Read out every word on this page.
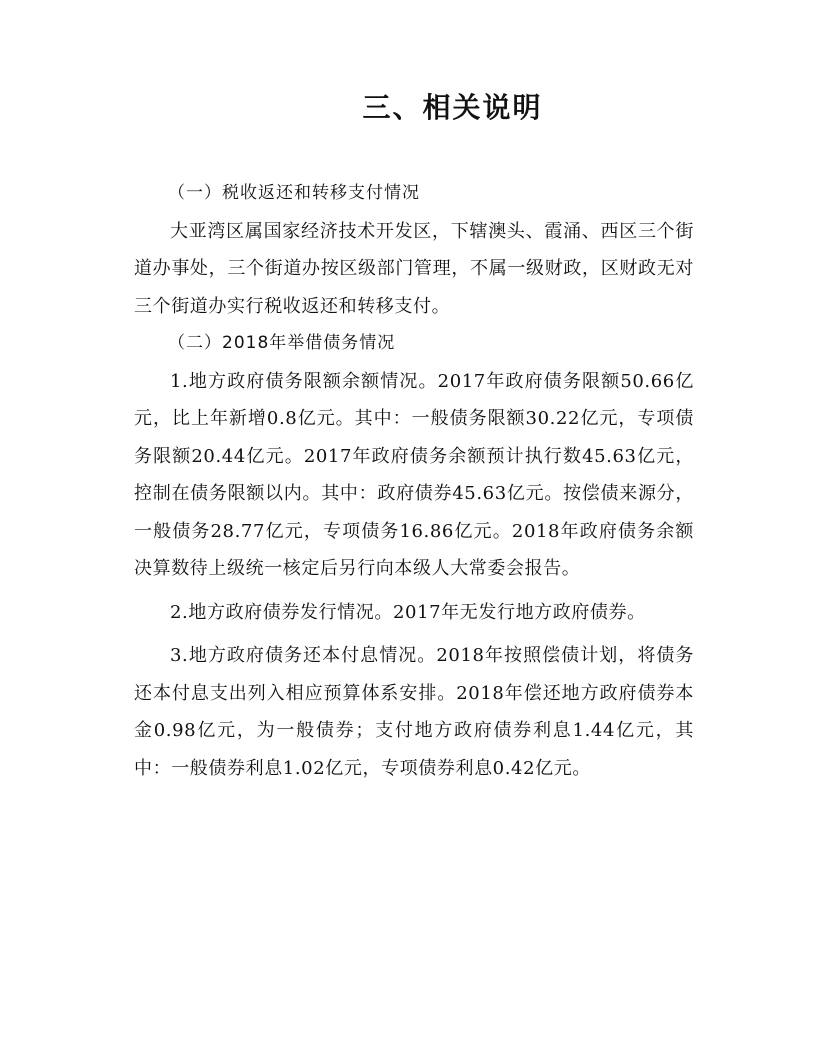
三、相关说明

（一）税收返还和转移支付情况

大亚湾区属国家经济技术开发区，下辖澳头、霞涌、西区三个街道办事处，三个街道办按区级部门管理，不属一级财政，区财政无对三个街道办实行税收返还和转移支付。

（二）2018年举借债务情况

1.地方政府债务限额余额情况。2017年政府债务限额50.66亿元，比上年新增0.8亿元。其中：一般债务限额30.22亿元，专项债务限额20.44亿元。2017年政府债务余额预计执行数45.63亿元，控制在债务限额以内。其中：政府债券45.63亿元。按偿债来源分，一般债务28.77亿元，专项债务16.86亿元。2018年政府债务余额决算数待上级统一核定后另行向本级人大常委会报告。

2.地方政府债券发行情况。2017年无发行地方政府债券。

3.地方政府债务还本付息情况。2018年按照偿债计划，将债务还本付息支出列入相应预算体系安排。2018年偿还地方政府债券本金0.98亿元，为一般债券；支付地方政府债券利息1.44亿元，其中：一般债券利息1.02亿元，专项债券利息0.42亿元。
